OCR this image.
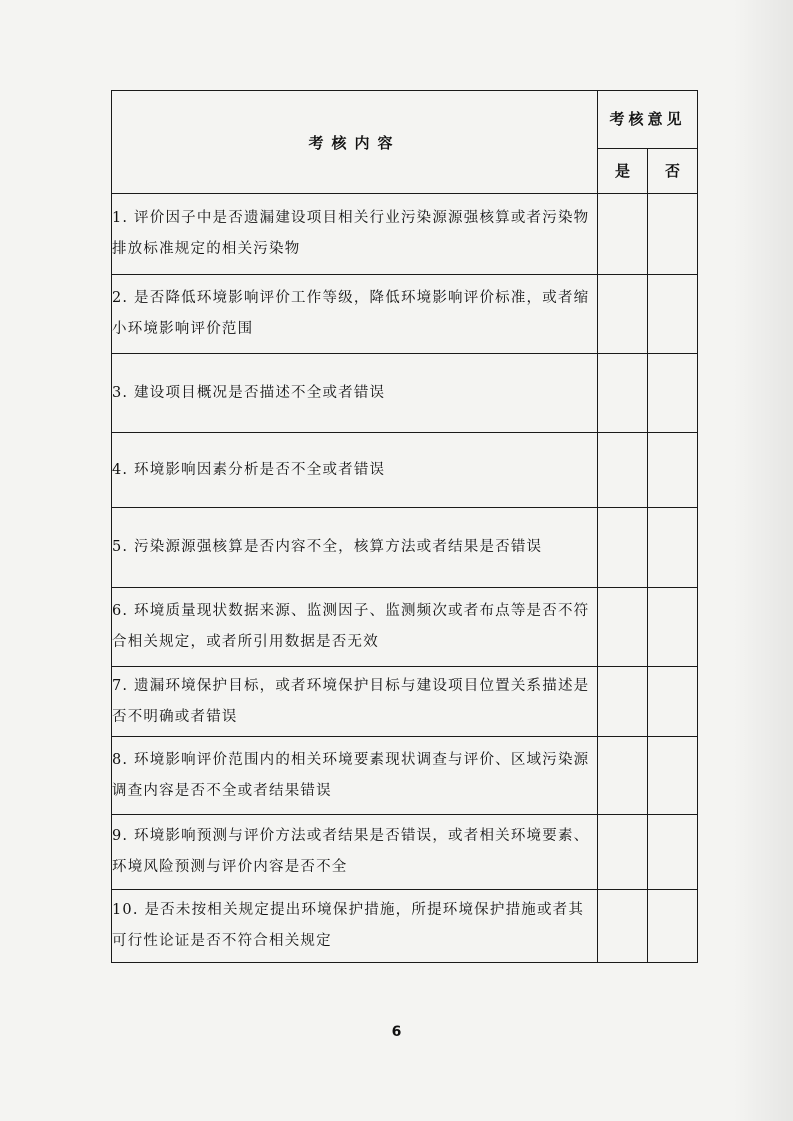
考核内容	考核意见	
	是	否
1. 评价因子中是否遗漏建设项目相关行业污染源源强核算或者污染物排放标准规定的相关污染物		
2. 是否降低环境影响评价工作等级，降低环境影响评价标准，或者缩小环境影响评价范围		
3. 建设项目概况是否描述不全或者错误		
4. 环境影响因素分析是否不全或者错误		
5. 污染源源强核算是否内容不全，核算方法或者结果是否错误		
6. 环境质量现状数据来源、监测因子、监测频次或者布点等是否不符合相关规定，或者所引用数据是否无效		
7. 遗漏环境保护目标，或者环境保护目标与建设项目位置关系描述是否不明确或者错误		
8. 环境影响评价范围内的相关环境要素现状调查与评价、区域污染源调查内容是否不全或者结果错误		
9. 环境影响预测与评价方法或者结果是否错误，或者相关环境要素、环境风险预测与评价内容是否不全		
10. 是否未按相关规定提出环境保护措施，所提环境保护措施或者其可行性论证是否不符合相关规定		
6
